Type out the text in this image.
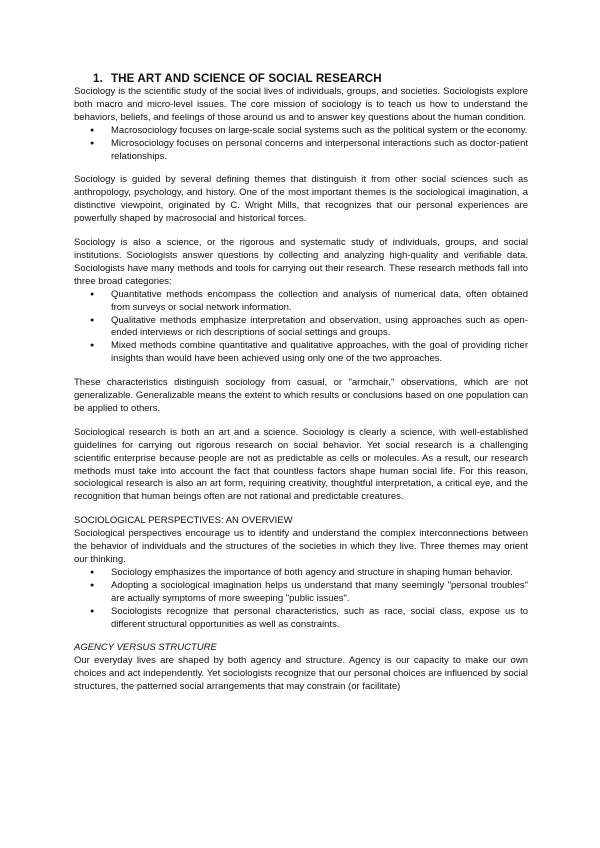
1. THE ART AND SCIENCE OF SOCIAL RESEARCH

Sociology is the scientific study of the social lives of individuals, groups, and societies. Sociologists explore both macro and micro-level issues. The core mission of sociology is to teach us how to understand the behaviors, beliefs, and feelings of those around us and to answer key questions about the human condition.

● Macrosociology focuses on large-scale social systems such as the political system or the economy.
● Microsociology focuses on personal concerns and interpersonal interactions such as doctor-patient relationships.

Sociology is guided by several defining themes that distinguish it from other social sciences such as anthropology, psychology, and history. One of the most important themes is the sociological imagination, a distinctive viewpoint, originated by C. Wright Mills, that recognizes that our personal experiences are powerfully shaped by macrosocial and historical forces.

Sociology is also a science, or the rigorous and systematic study of individuals, groups, and social institutions. Sociologists answer questions by collecting and analyzing high-quality and verifiable data. Sociologists have many methods and tools for carrying out their research. These research methods fall into three broad categories:

● Quantitative methods encompass the collection and analysis of numerical data, often obtained from surveys or social network information.
● Qualitative methods emphasize interpretation and observation, using approaches such as open-ended interviews or rich descriptions of social settings and groups.
● Mixed methods combine quantitative and qualitative approaches, with the goal of providing richer insights than would have been achieved using only one of the two approaches.

These characteristics distinguish sociology from casual, or "armchair," observations, which are not generalizable. Generalizable means the extent to which results or conclusions based on one population can be applied to others.

Sociological research is both an art and a science. Sociology is clearly a science, with well-established guidelines for carrying out rigorous research on social behavior. Yet social research is a challenging scientific enterprise because people are not as predictable as cells or molecules. As a result, our research methods must take into account the fact that countless factors shape human social life. For this reason, sociological research is also an art form, requiring creativity, thoughtful interpretation, a critical eye, and the recognition that human beings often are not rational and predictable creatures.

SOCIOLOGICAL PERSPECTIVES: AN OVERVIEW

Sociological perspectives encourage us to identify and understand the complex interconnections between the behavior of individuals and the structures of the societies in which they live. Three themes may orient our thinking.

● Sociology emphasizes the importance of both agency and structure in shaping human behavior.
● Adopting a sociological imagination helps us understand that many seemingly "personal troubles" are actually symptoms of more sweeping "public issues".
● Sociologists recognize that personal characteristics, such as race, social class, expose us to different structural opportunities as well as constraints.

AGENCY VERSUS STRUCTURE

Our everyday lives are shaped by both agency and structure. Agency is our capacity to make our own choices and act independently. Yet sociologists recognize that our personal choices are influenced by social structures, the patterned social arrangements that may constrain (or facilitate)
